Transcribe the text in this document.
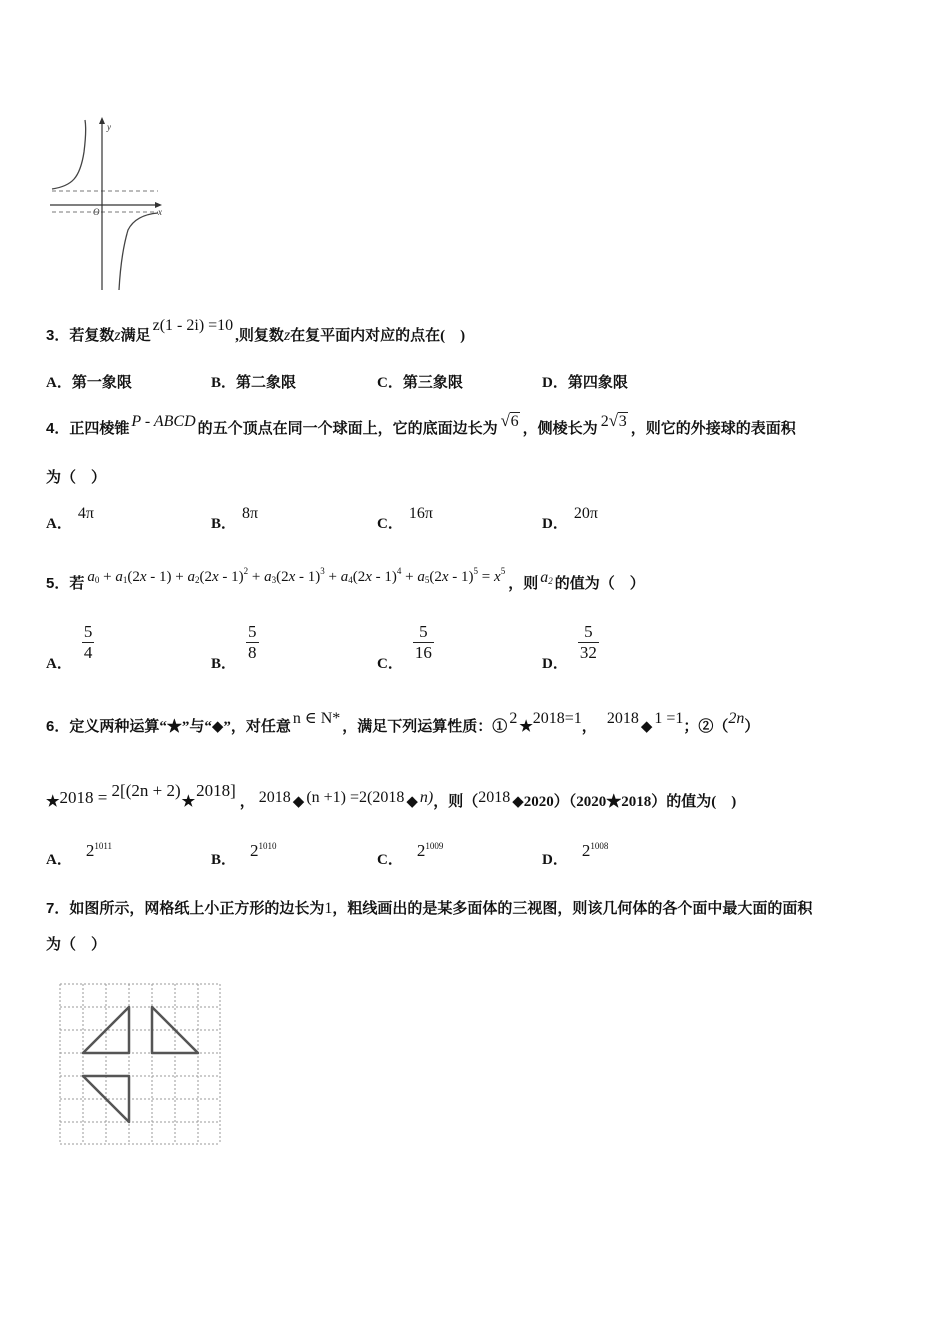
y
x
O
3．若复数z满足z(1 - 2i) =10,则复数z在复平面内对应的点在(　)
A．第一象限	B．第二象限	C．第三象限	D．第四象限
4．正四棱锥 P - ABCD 的五个顶点在同一个球面上，它的底面边长为 √ 6 ，侧棱长为 2 √ 3 ，则它的外接球的表面积
为（　）
A．4π
B．8π
C．16π
D．20π
5．若 $a_0 + a_1(2x - 1) + a_2(2x - 1)^2 + a_3(2x - 1)^3 + a_4(2x - 1)^4 + a_5(2x - 1)^5 = x^5$，则 $a_2$ 的值为（　）
A．
$\frac{5}{4}$
B．
$\frac{5}{8}$
C．
$\frac{5}{16}$
D．
$\frac{5}{32}$
6．定义两种运算“★”与“◆”，对任意 n ∈ N* ，满足下列运算性质：① 2 ★2018=1， 2018 ◆ 1 =1；②（2n）
★2018 = 2[(2n + 2)★2018]， 2018 ◆ (n +1) =2(2018 ◆ n)，则（2018 ◆2020）（2020★2018）的值为(　)
A． $2^{1011}$
B． $2^{1010}$
C． $2^{1009}$
D． $2^{1008}$
7．如图所示，网格纸上小正方形的边长为1，粗线画出的是某多面体的三视图，则该几何体的各个面中最大面的面积
为（　）
